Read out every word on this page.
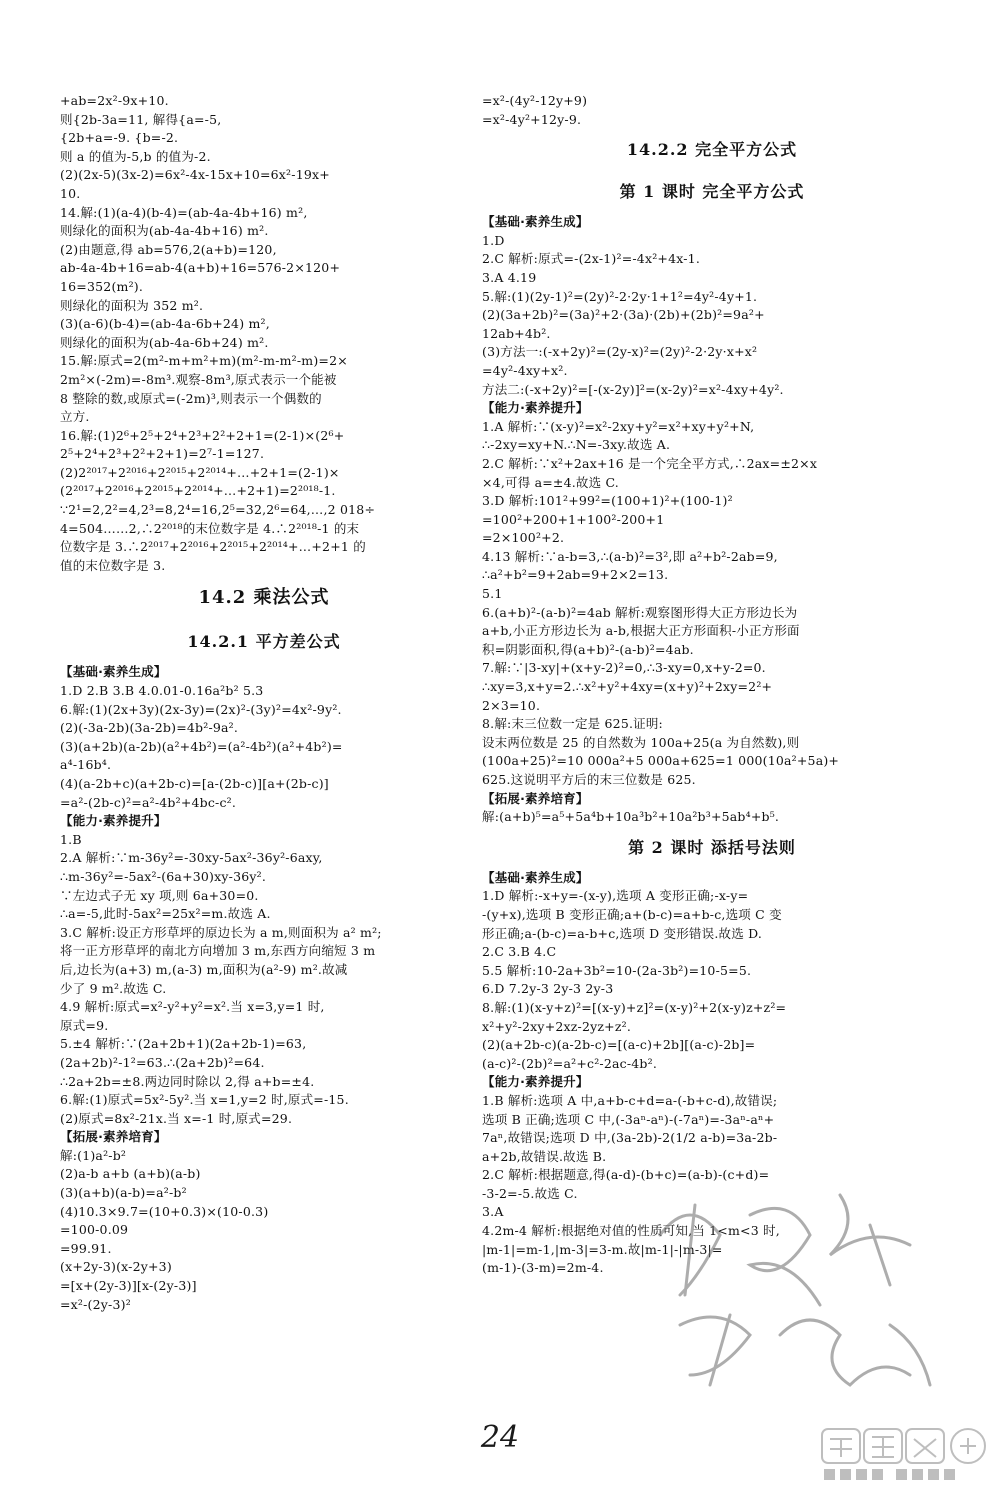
+ab=2x²-9x+10.
则{2b-3a=11, 解得{a=-5,
{2b+a=-9. {b=-2.
则 a 的值为-5,b 的值为-2.
(2)(2x-5)(3x-2)=6x²-4x-15x+10=6x²-19x+
10.
14.解:(1)(a-4)(b-4)=(ab-4a-4b+16) m²,
则绿化的面积为(ab-4a-4b+16) m².
(2)由题意,得 ab=576,2(a+b)=120,
ab-4a-4b+16=ab-4(a+b)+16=576-2×120+
16=352(m²).
则绿化的面积为 352 m².
(3)(a-6)(b-4)=(ab-4a-6b+24) m²,
则绿化的面积为(ab-4a-6b+24) m².
15.解:原式=2(m²-m+m²+m)(m²-m-m²-m)=2×
2m²×(-2m)=-8m³.观察-8m³,原式表示一个能被
8 整除的数,或原式=(-2m)³,则表示一个偶数的
立方.
16.解:(1)2⁶+2⁵+2⁴+2³+2²+2+1=(2-1)×(2⁶+
2⁵+2⁴+2³+2²+2+1)=2⁷-1=127.
(2)2²⁰¹⁷+2²⁰¹⁶+2²⁰¹⁵+2²⁰¹⁴+…+2+1=(2-1)×
(2²⁰¹⁷+2²⁰¹⁶+2²⁰¹⁵+2²⁰¹⁴+…+2+1)=2²⁰¹⁸-1.
∵2¹=2,2²=4,2³=8,2⁴=16,2⁵=32,2⁶=64,…,2 018÷
4=504……2,∴2²⁰¹⁸的末位数字是 4.∴2²⁰¹⁸-1 的末
位数字是 3.∴2²⁰¹⁷+2²⁰¹⁶+2²⁰¹⁵+2²⁰¹⁴+…+2+1 的
值的末位数字是 3.
14.2 乘法公式
14.2.1 平方差公式
【基础·素养生成】
1.D 2.B 3.B 4.0.01-0.16a²b² 5.3
6.解:(1)(2x+3y)(2x-3y)=(2x)²-(3y)²=4x²-9y².
(2)(-3a-2b)(3a-2b)=4b²-9a².
(3)(a+2b)(a-2b)(a²+4b²)=(a²-4b²)(a²+4b²)=
a⁴-16b⁴.
(4)(a-2b+c)(a+2b-c)=[a-(2b-c)][a+(2b-c)]
=a²-(2b-c)²=a²-4b²+4bc-c².
【能力·素养提升】
1.B
2.A 解析:∵m-36y²=-30xy-5ax²-36y²-6axy,
∴m-36y²=-5ax²-(6a+30)xy-36y².
∵左边式子无 xy 项,则 6a+30=0.
∴a=-5,此时-5ax²=25x²=m.故选 A.
3.C 解析:设正方形草坪的原边长为 a m,则面积为 a² m²;
将一正方形草坪的南北方向增加 3 m,东西方向缩短 3 m
后,边长为(a+3) m,(a-3) m,面积为(a²-9) m².故减
少了 9 m².故选 C.
4.9 解析:原式=x²-y²+y²=x².当 x=3,y=1 时,
原式=9.
5.±4 解析:∵(2a+2b+1)(2a+2b-1)=63,
(2a+2b)²-1²=63.∴(2a+2b)²=64.
∴2a+2b=±8.两边同时除以 2,得 a+b=±4.
6.解:(1)原式=5x²-5y².当 x=1,y=2 时,原式=-15.
(2)原式=8x²-21x.当 x=-1 时,原式=29.
【拓展·素养培育】
解:(1)a²-b²
(2)a-b a+b (a+b)(a-b)
(3)(a+b)(a-b)=a²-b²
(4)10.3×9.7=(10+0.3)×(10-0.3)
=100-0.09
=99.91.
(x+2y-3)(x-2y+3)
=[x+(2y-3)][x-(2y-3)]
=x²-(2y-3)²
=x²-(4y²-12y+9)
=x²-4y²+12y-9.
14.2.2 完全平方公式
第 1 课时 完全平方公式
【基础·素养生成】
1.D
2.C 解析:原式=-(2x-1)²=-4x²+4x-1.
3.A 4.19
5.解:(1)(2y-1)²=(2y)²-2·2y·1+1²=4y²-4y+1.
(2)(3a+2b)²=(3a)²+2·(3a)·(2b)+(2b)²=9a²+
12ab+4b².
(3)方法一:(-x+2y)²=(2y-x)²=(2y)²-2·2y·x+x²
=4y²-4xy+x².
方法二:(-x+2y)²=[-(x-2y)]²=(x-2y)²=x²-4xy+4y².
【能力·素养提升】
1.A 解析:∵(x-y)²=x²-2xy+y²=x²+xy+y²+N,
∴-2xy=xy+N.∴N=-3xy.故选 A.
2.C 解析:∵x²+2ax+16 是一个完全平方式,∴2ax=±2×x
×4,可得 a=±4.故选 C.
3.D 解析:101²+99²=(100+1)²+(100-1)²
=100²+200+1+100²-200+1
=2×100²+2.
4.13 解析:∵a-b=3,∴(a-b)²=3²,即 a²+b²-2ab=9,
∴a²+b²=9+2ab=9+2×2=13.
5.1
6.(a+b)²-(a-b)²=4ab 解析:观察图形得大正方形边长为
a+b,小正方形边长为 a-b,根据大正方形面积-小正方形面
积=阴影面积,得(a+b)²-(a-b)²=4ab.
7.解:∵|3-xy|+(x+y-2)²=0,∴3-xy=0,x+y-2=0.
∴xy=3,x+y=2.∴x²+y²+4xy=(x+y)²+2xy=2²+
2×3=10.
8.解:末三位数一定是 625.证明:
设末两位数是 25 的自然数为 100a+25(a 为自然数),则
(100a+25)²=10 000a²+5 000a+625=1 000(10a²+5a)+
625.这说明平方后的末三位数是 625.
【拓展·素养培育】
解:(a+b)⁵=a⁵+5a⁴b+10a³b²+10a²b³+5ab⁴+b⁵.
第 2 课时 添括号法则
【基础·素养生成】
1.D 解析:-x+y=-(x-y),选项 A 变形正确;-x-y=
-(y+x),选项 B 变形正确;a+(b-c)=a+b-c,选项 C 变
形正确;a-(b-c)=a-b+c,选项 D 变形错误.故选 D.
2.C 3.B 4.C
5.5 解析:10-2a+3b²=10-(2a-3b²)=10-5=5.
6.D 7.2y-3 2y-3 2y-3
8.解:(1)(x-y+z)²=[(x-y)+z]²=(x-y)²+2(x-y)z+z²=
x²+y²-2xy+2xz-2yz+z².
(2)(a+2b-c)(a-2b-c)=[(a-c)+2b][(a-c)-2b]=
(a-c)²-(2b)²=a²+c²-2ac-4b².
【能力·素养提升】
1.B 解析:选项 A 中,a+b-c+d=a-(-b+c-d),故错误;
选项 B 正确;选项 C 中,(-3aⁿ-aⁿ)-(-7aⁿ)=-3aⁿ-aⁿ+
7aⁿ,故错误;选项 D 中,(3a-2b)-2(1/2 a-b)=3a-2b-
a+2b,故错误.故选 B.
2.C 解析:根据题意,得(a-d)-(b+c)=(a-b)-(c+d)=
-3-2=-5.故选 C.
3.A
4.2m-4 解析:根据绝对值的性质可知,当 1<m<3 时,
|m-1|=m-1,|m-3|=3-m.故|m-1|-|m-3|=
(m-1)-(3-m)=2m-4.
24
